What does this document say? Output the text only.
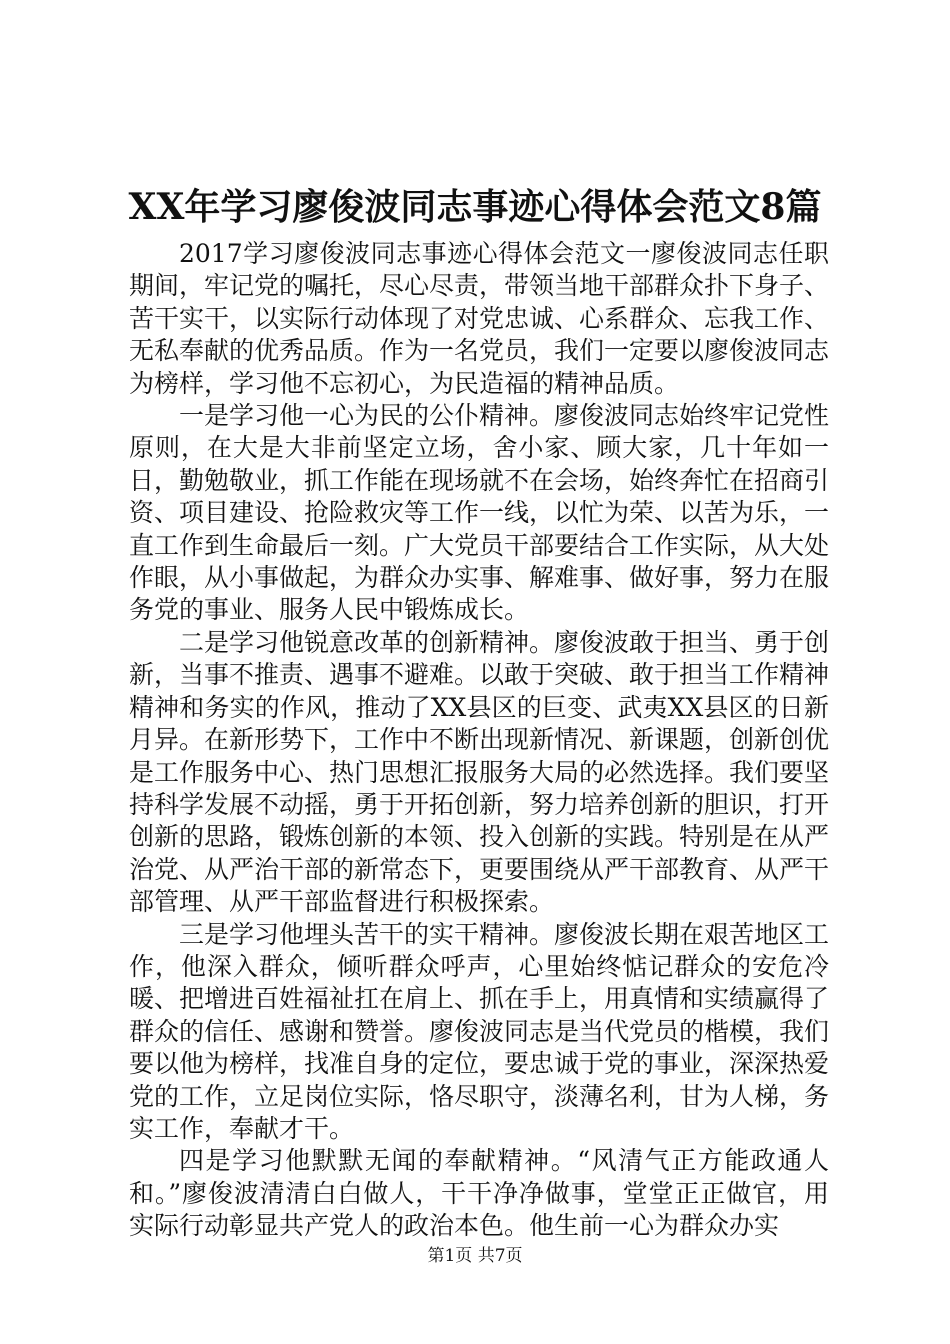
XX年学习廖俊波同志事迹心得体会范文8篇

2017学习廖俊波同志事迹心得体会范文一廖俊波同志任职期间，牢记党的嘱托，尽心尽责，带领当地干部群众扑下身子、苦干实干，以实际行动体现了对党忠诚、心系群众、忘我工作、无私奉献的优秀品质。作为一名党员，我们一定要以廖俊波同志为榜样，学习他不忘初心，为民造福的精神品质。

一是学习他一心为民的公仆精神。廖俊波同志始终牢记党性原则，在大是大非前坚定立场，舍小家、顾大家，几十年如一日，勤勉敬业，抓工作能在现场就不在会场，始终奔忙在招商引资、项目建设、抢险救灾等工作一线，以忙为荣、以苦为乐，一直工作到生命最后一刻。广大党员干部要结合工作实际，从大处作眼，从小事做起，为群众办实事、解难事、做好事，努力在服务党的事业、服务人民中锻炼成长。

二是学习他锐意改革的创新精神。廖俊波敢于担当、勇于创新，当事不推责、遇事不避难。以敢于突破、敢于担当工作精神精神和务实的作风，推动了XX县区的巨变、武夷XX县区的日新月异。在新形势下，工作中不断出现新情况、新课题，创新创优是工作服务中心、热门思想汇报服务大局的必然选择。我们要坚持科学发展不动摇，勇于开拓创新，努力培养创新的胆识，打开创新的思路，锻炼创新的本领、投入创新的实践。特别是在从严治党、从严治干部的新常态下，更要围绕从严干部教育、从严干部管理、从严干部监督进行积极探索。

三是学习他埋头苦干的实干精神。廖俊波长期在艰苦地区工作，他深入群众，倾听群众呼声，心里始终惦记群众的安危冷暖、把增进百姓福祉扛在肩上、抓在手上，用真情和实绩赢得了群众的信任、感谢和赞誉。廖俊波同志是当代党员的楷模，我们要以他为榜样，找准自身的定位，要忠诚于党的事业，深深热爱党的工作，立足岗位实际，恪尽职守，淡薄名利，甘为人梯，务实工作，奉献才干。

四是学习他默默无闻的奉献精神。“风清气正方能政通人和。”廖俊波清清白白做人，干干净净做事，堂堂正正做官，用实际行动彰显共产党人的政治本色。他生前一心为群众办实

第1页 共7页
